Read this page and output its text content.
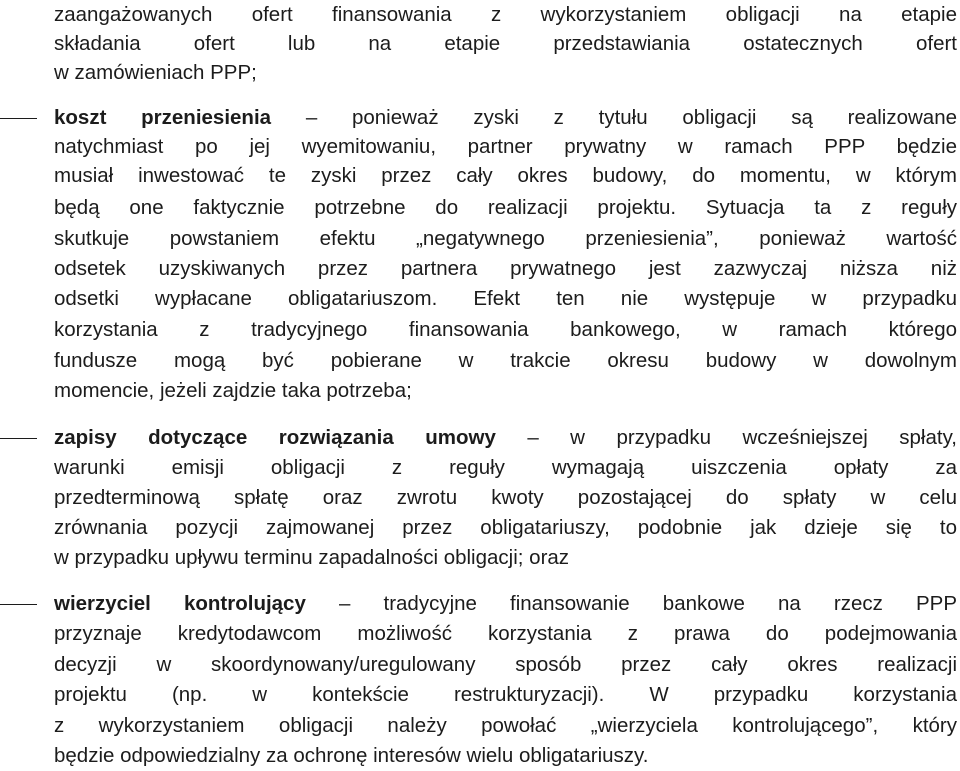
zaangażowanych ofert finansowania z wykorzystaniem obligacji na etapie
składania ofert lub na etapie przedstawiania ostatecznych ofert
w zamówieniach PPP;
koszt przeniesienia – ponieważ zyski z tytułu obligacji są realizowane
natychmiast po jej wyemitowaniu, partner prywatny w ramach PPP będzie
musiał inwestować te zyski przez cały okres budowy, do momentu, w którym
będą one faktycznie potrzebne do realizacji projektu. Sytuacja ta z reguły
skutkuje powstaniem efektu „negatywnego przeniesienia”, ponieważ wartość
odsetek uzyskiwanych przez partnera prywatnego jest zazwyczaj niższa niż
odsetki wypłacane obligatariuszom. Efekt ten nie występuje w przypadku
korzystania z tradycyjnego finansowania bankowego, w ramach którego
fundusze mogą być pobierane w trakcie okresu budowy w dowolnym
momencie, jeżeli zajdzie taka potrzeba;
zapisy dotyczące rozwiązania umowy – w przypadku wcześniejszej spłaty,
warunki emisji obligacji z reguły wymagają uiszczenia opłaty za
przedterminową spłatę oraz zwrotu kwoty pozostającej do spłaty w celu
zrównania pozycji zajmowanej przez obligatariuszy, podobnie jak dzieje się to
w przypadku upływu terminu zapadalności obligacji; oraz
wierzyciel kontrolujący – tradycyjne finansowanie bankowe na rzecz PPP
przyznaje kredytodawcom możliwość korzystania z prawa do podejmowania
decyzji w skoordynowany/uregulowany sposób przez cały okres realizacji
projektu (np. w kontekście restrukturyzacji). W przypadku korzystania
z wykorzystaniem obligacji należy powołać „wierzyciela kontrolującego”, który
będzie odpowiedzialny za ochronę interesów wielu obligatariuszy.
